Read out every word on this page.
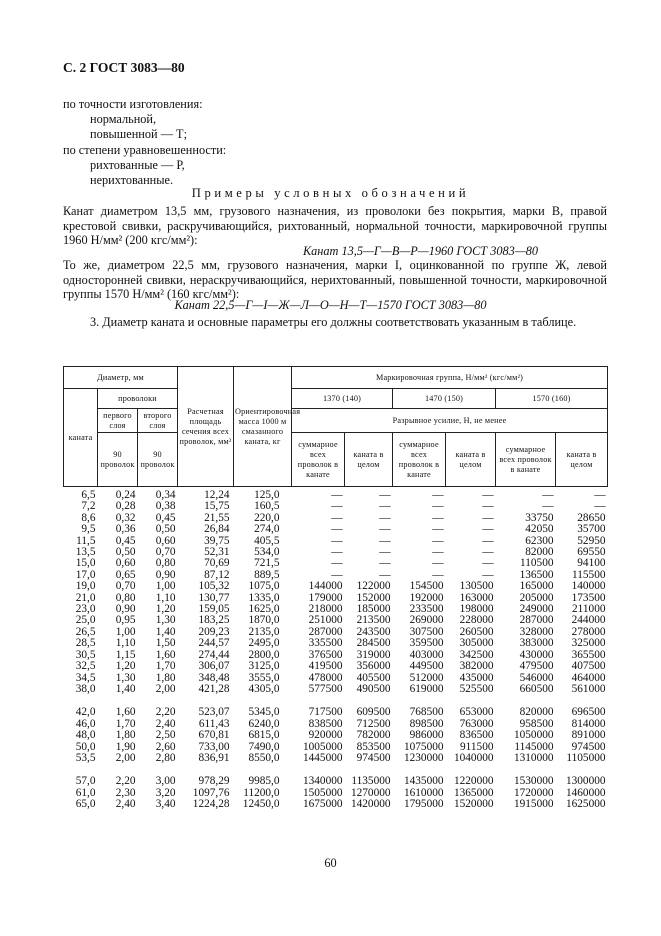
С. 2 ГОСТ 3083—80
по точности изготовления:
нормальной,
повышенной — Т;
по степени уравновешенности:
рихтованные — Р,
нерихтованные.
Примеры условных обозначений
Канат диаметром 13,5 мм, грузового назначения, из проволоки без покрытия, марки В, правой крестовой свивки, раскручивающийся, рихтованный, нормальной точности, маркировочной группы 1960 Н/мм² (200 кгс/мм²):
Канат 13,5—Г—В—Р—1960 ГОСТ 3083—80
То же, диаметром 22,5 мм, грузового назначения, марки I, оцинкованной по группе Ж, левой односторонней свивки, нераскручивающийся, нерихтованный, повышенной точности, маркировочной группы 1570 Н/мм² (160 кгс/мм²):
Канат 22,5—Г—I—Ж—Л—О—Н—Т—1570 ГОСТ 3083—80
3. Диаметр каната и основные параметры его должны соответствовать указанным в таблице.
Диаметр, мм			Расчетная площадь сечения всех проволок, мм²	Ориентировочная масса 1000 м смазанного каната, кг	Маркировочная группа, Н/мм² (кгс/мм²)					
каната	проволоки				1370 (140)		1470 (150)		1570 (160)	
	первого слоя	второго слоя			Разрывное усилие, Н, не менее					
	90 проволок	90 проволок			суммарное всех проволок в канате	каната в целом	суммарное всех проволок в канате	каната в целом	суммарное всех проволок в канате	каната в целом
6,5	0,24	0,34	12,24	125,0	—	—	—	—	—	—
7,2	0,28	0,38	15,75	160,5	—	—	—	—	—	—
8,6	0,32	0,45	21,55	220,0	—	—	—	—	33750	28650
9,5	0,36	0,50	26,84	274,0	—	—	—	—	42050	35700
11,5	0,45	0,60	39,75	405,5	—	—	—	—	62300	52950
13,5	0,50	0,70	52,31	534,0	—	—	—	—	82000	69550
15,0	0,60	0,80	70,69	721,5	—	—	—	—	110500	94100
17,0	0,65	0,90	87,12	889,5	—	—	—	—	136500	115500
19,0	0,70	1,00	105,32	1075,0	144000	122000	154500	130500	165000	140000
21,0	0,80	1,10	130,77	1335,0	179000	152000	192000	163000	205000	173500
23,0	0,90	1,20	159,05	1625,0	218000	185000	233500	198000	249000	211000
25,0	0,95	1,30	183,25	1870,0	251000	213500	269000	228000	287000	244000
26,5	1,00	1,40	209,23	2135,0	287000	243500	307500	260500	328000	278000
28,5	1,10	1,50	244,57	2495,0	335500	284500	359500	305000	383000	325000
30,5	1,15	1,60	274,44	2800,0	376500	319000	403000	342500	430000	365500
32,5	1,20	1,70	306,07	3125,0	419500	356000	449500	382000	479500	407500
34,5	1,30	1,80	348,48	3555,0	478000	405500	512000	435000	546000	464000
38,0	1,40	2,00	421,28	4305,0	577500	490500	619000	525500	660500	561000

42,0	1,60	2,20	523,07	5345,0	717500	609500	768500	653000	820000	696500
46,0	1,70	2,40	611,43	6240,0	838500	712500	898500	763000	958500	814000
48,0	1,80	2,50	670,81	6815,0	920000	782000	986000	836500	1050000	891000
50,0	1,90	2,60	733,00	7490,0	1005000	853500	1075000	911500	1145000	974500
53,5	2,00	2,80	836,91	8550,0	1445000	974500	1230000	1040000	1310000	1105000

57,0	2,20	3,00	978,29	9985,0	1340000	1135000	1435000	1220000	1530000	1300000
61,0	2,30	3,20	1097,76	11200,0	1505000	1270000	1610000	1365000	1720000	1460000
65,0	2,40	3,40	1224,28	12450,0	1675000	1420000	1795000	1520000	1915000	1625000
60
